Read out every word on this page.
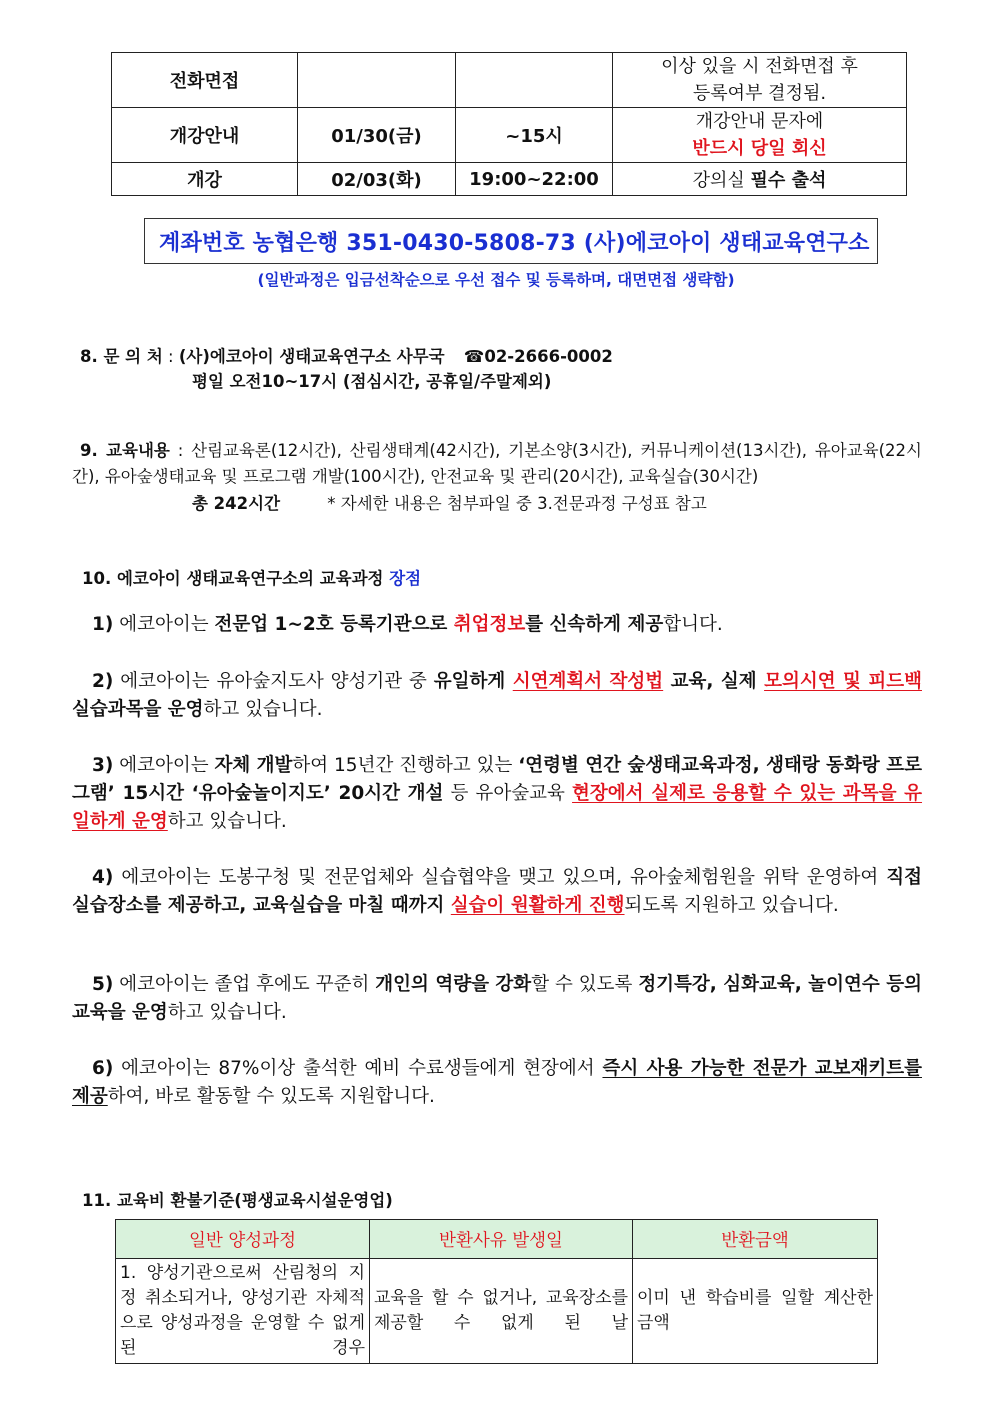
전화면접			이상 있을 시 전화면접 후
등록여부 결정됨.

개강안내	01/30(금)	~15시	개강안내 문자에
반드시 당일 회신

개강	02/03(화)	19:00~22:00	강의실 필수 출석
계좌번호 농협은행 351-0430-5808-73 (사)에코아이 생태교육연구소
(일반과정은 입금선착순으로 우선 접수 및 등록하며, 대면면접 생략함)
8. 문 의 처 : (사)에코아이 생태교육연구소 사무국 ☎02-2666-0002
평일 오전10~17시 (점심시간, 공휴일/주말제외)
9. 교육내용 : 산림교육론(12시간), 산림생태계(42시간), 기본소양(3시간), 커뮤니케이션(13시간), 유아교육(22시간), 유아숲생태교육 및 프로그램 개발(100시간), 안전교육 및 관리(20시간), 교육실습(30시간)
총 242시간	* 자세한 내용은 첨부파일 중 3.전문과정 구성표 참고
10. 에코아이 생태교육연구소의 교육과정 장점
1) 에코아이는 전문업 1~2호 등록기관으로 취업정보를 신속하게 제공합니다.
2) 에코아이는 유아숲지도사 양성기관 중 유일하게 시연계획서 작성법 교육, 실제 모의시연 및 피드백 실습과목을 운영하고 있습니다.
3) 에코아이는 자체 개발하여 15년간 진행하고 있는 ‘연령별 연간 숲생태교육과정, 생태랑 동화랑 프로그램’ 15시간 ‘유아숲놀이지도’ 20시간 개설 등 유아숲교육 현장에서 실제로 응용할 수 있는 과목을 유일하게 운영하고 있습니다.
4) 에코아이는 도봉구청 및 전문업체와 실습협약을 맺고 있으며, 유아숲체험원을 위탁 운영하여 직접 실습장소를 제공하고, 교육실습을 마칠 때까지 실습이 원활하게 진행되도록 지원하고 있습니다.
5) 에코아이는 졸업 후에도 꾸준히 개인의 역량을 강화할 수 있도록 정기특강, 심화교육, 놀이연수 등의 교육을 운영하고 있습니다.
6) 에코아이는 87%이상 출석한 예비 수료생들에게 현장에서 즉시 사용 가능한 전문가 교보재키트를 제공하여, 바로 활동할 수 있도록 지원합니다.
11. 교육비 환불기준(평생교육시설운영업)
일반 양성과정	반환사유 발생일	반환금액
1. 양성기관으로써 산림청의 지정 취소되거나, 양성기관 자체적으로 양성과정을 운영할 수 없게 된 경우	교육을 할 수 없거나, 교육장소를 제공할 수 없게 된 날	이미 낸 학습비를 일할 계산한 금액
